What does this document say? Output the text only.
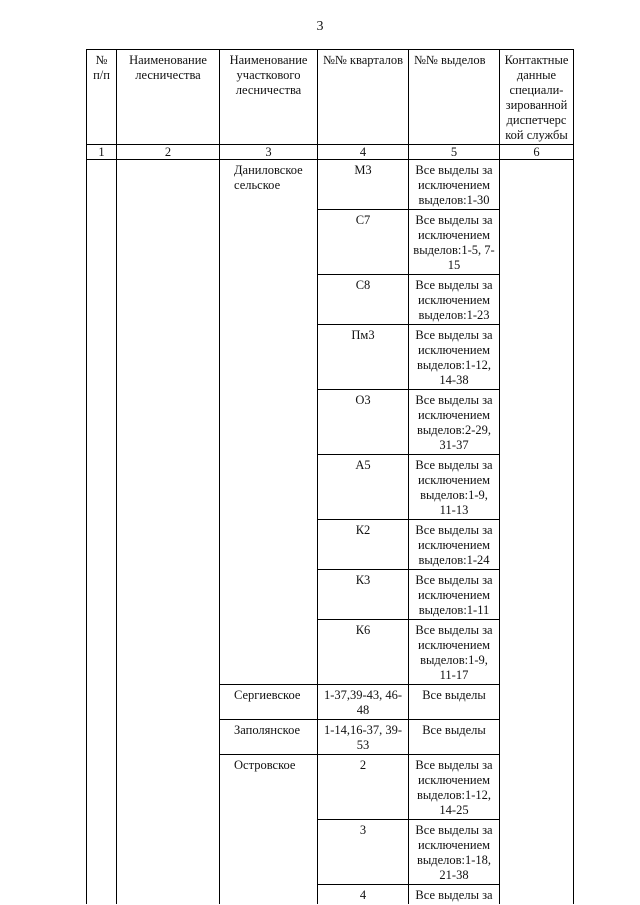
3
№ п/п	Наименование лесничества	Наименование участкового лесничества	№№ кварталов	№№ выделов	Контактные данные специали-зированной диспетчерс кой службы
1	2	3	4	5	6
		Даниловское сельское	М3	Все выделы за исключением выделов:1-30	
			С7	Все выделы за исключением выделов:1-5, 7-15	
			С8	Все выделы за исключением выделов:1-23	
			Пм3	Все выделы за исключением выделов:1-12, 14-38	
			О3	Все выделы за исключением выделов:2-29, 31-37	
			А5	Все выделы за исключением выделов:1-9, 11-13	
			К2	Все выделы за исключением выделов:1-24	
			К3	Все выделы за исключением выделов:1-11	
			К6	Все выделы за исключением выделов:1-9, 11-17	
		Сергиевское	1-37,39-43, 46-48	Все выделы	
		Заполянское	1-14,16-37, 39-53	Все выделы	
		Островское	2	Все выделы за исключением выделов:1-12, 14-25	
			3	Все выделы за исключением выделов:1-18, 21-38	
			4	Все выделы за	
